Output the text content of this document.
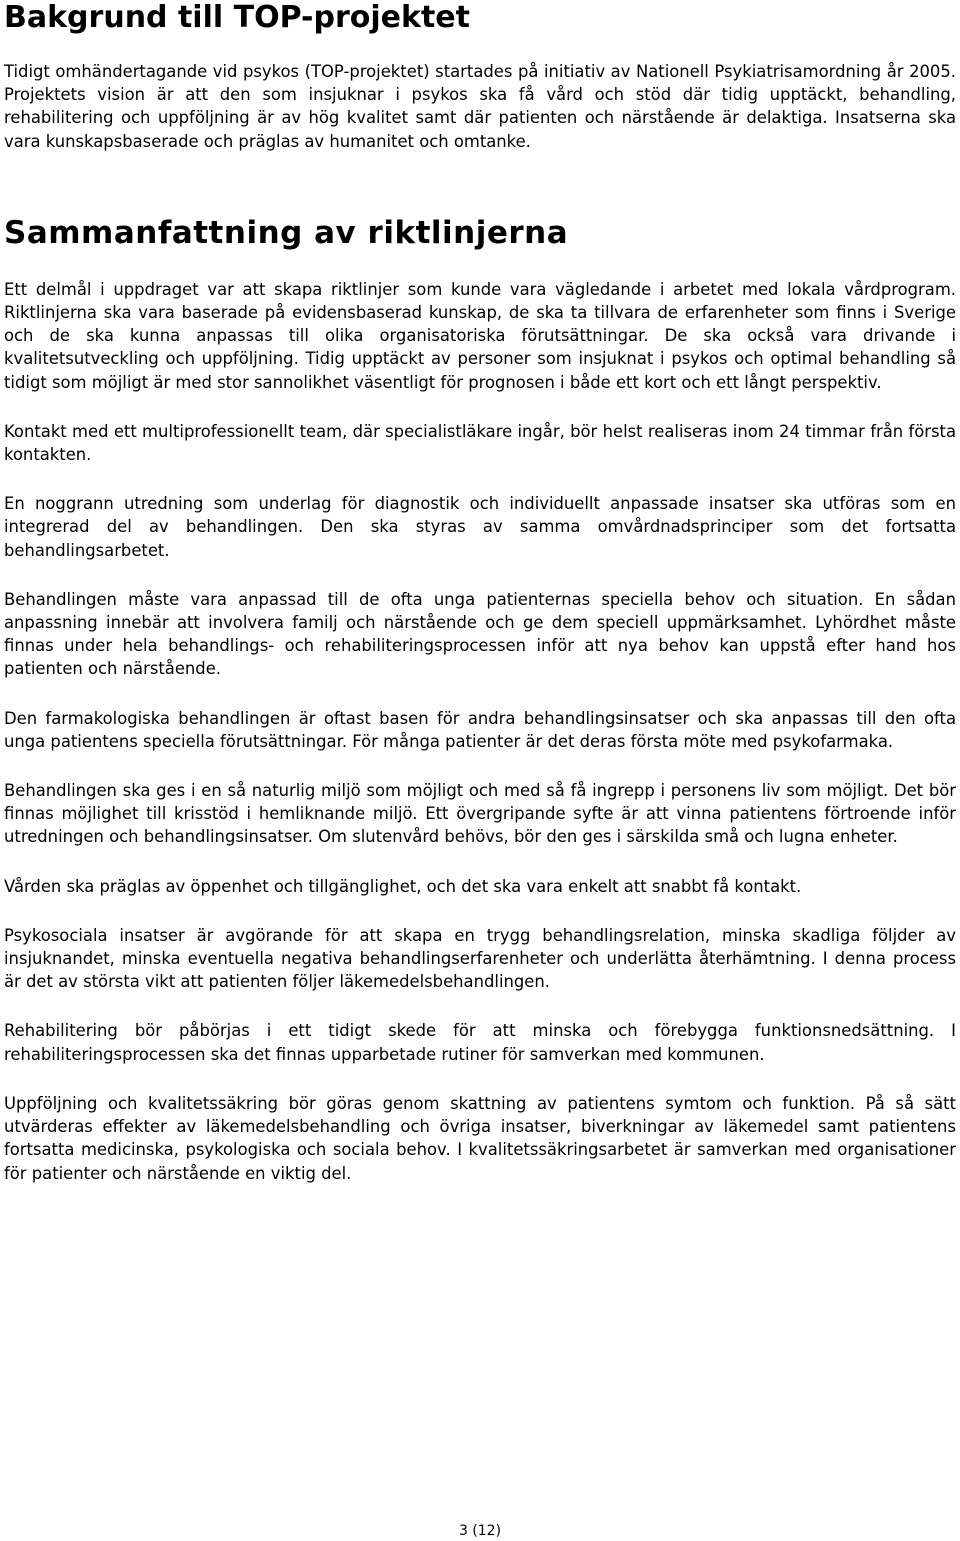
Bakgrund till TOP-projektet

Tidigt omhändertagande vid psykos (TOP-projektet) startades på initiativ av Nationell Psykiatrisamordning år 2005. Projektets vision är att den som insjuknar i psykos ska få vård och stöd där tidig upptäckt, behandling, rehabilitering och uppföljning är av hög kvalitet samt där patienten och närstående är delaktiga. Insatserna ska vara kunskapsbaserade och präglas av humanitet och omtanke.

Sammanfattning av riktlinjerna

Ett delmål i uppdraget var att skapa riktlinjer som kunde vara vägledande i arbetet med lokala vårdprogram. Riktlinjerna ska vara baserade på evidensbaserad kunskap, de ska ta tillvara de erfarenheter som finns i Sverige och de ska kunna anpassas till olika organisatoriska förutsättningar. De ska också vara drivande i kvalitetsutveckling och uppföljning. Tidig upptäckt av personer som insjuknat i psykos och optimal behandling så tidigt som möjligt är med stor sannolikhet väsentligt för prognosen i både ett kort och ett långt perspektiv.

Kontakt med ett multiprofessionellt team, där specialistläkare ingår, bör helst realiseras inom 24 timmar från första kontakten.

En noggrann utredning som underlag för diagnostik och individuellt anpassade insatser ska utföras som en integrerad del av behandlingen. Den ska styras av samma omvårdnadsprinciper som det fortsatta behandlingsarbetet.

Behandlingen måste vara anpassad till de ofta unga patienternas speciella behov och situation. En sådan anpassning innebär att involvera familj och närstående och ge dem speciell uppmärksamhet. Lyhördhet måste finnas under hela behandlings- och rehabiliteringsprocessen inför att nya behov kan uppstå efter hand hos patienten och närstående.

Den farmakologiska behandlingen är oftast basen för andra behandlingsinsatser och ska anpassas till den ofta unga patientens speciella förutsättningar. För många patienter är det deras första möte med psykofarmaka.

Behandlingen ska ges i en så naturlig miljö som möjligt och med så få ingrepp i personens liv som möjligt. Det bör finnas möjlighet till krisstöd i hemliknande miljö. Ett övergripande syfte är att vinna patientens förtroende inför utredningen och behandlingsinsatser. Om slutenvård behövs, bör den ges i särskilda små och lugna enheter.

Vården ska präglas av öppenhet och tillgänglighet, och det ska vara enkelt att snabbt få kontakt.

Psykosociala insatser är avgörande för att skapa en trygg behandlingsrelation, minska skadliga följder av insjuknandet, minska eventuella negativa behandlingserfarenheter och underlätta återhämtning. I denna process är det av största vikt att patienten följer läkemedelsbehandlingen.

Rehabilitering bör påbörjas i ett tidigt skede för att minska och förebygga funktionsnedsättning. I rehabiliteringsprocessen ska det finnas upparbetade rutiner för samverkan med kommunen.

Uppföljning och kvalitetssäkring bör göras genom skattning av patientens symtom och funktion. På så sätt utvärderas effekter av läkemedelsbehandling och övriga insatser, biverkningar av läkemedel samt patientens fortsatta medicinska, psykologiska och sociala behov. I kvalitetssäkringsarbetet är samverkan med organisationer för patienter och närstående en viktig del.

3 (12)
